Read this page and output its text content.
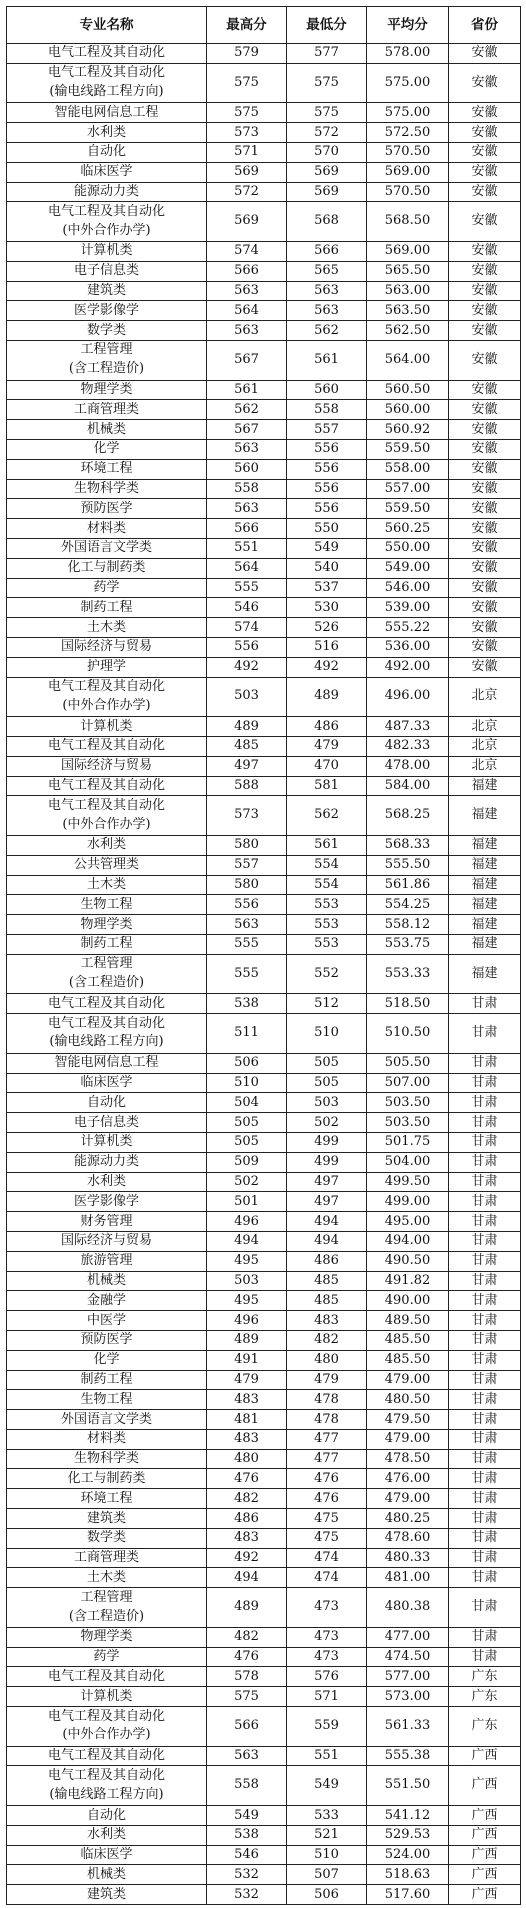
专业名称	最高分	最低分	平均分	省份
电气工程及其自动化	579	577	578.00	安徽
电气工程及其自动化
(输电线路工程方向)	575	575	575.00	安徽
智能电网信息工程	575	575	575.00	安徽
水利类	573	572	572.50	安徽
自动化	571	570	570.50	安徽
临床医学	569	569	569.00	安徽
能源动力类	572	569	570.50	安徽
电气工程及其自动化
(中外合作办学)	569	568	568.50	安徽
计算机类	574	566	569.00	安徽
电子信息类	566	565	565.50	安徽
建筑类	563	563	563.00	安徽
医学影像学	564	563	563.50	安徽
数学类	563	562	562.50	安徽
工程管理
(含工程造价)	567	561	564.00	安徽
物理学类	561	560	560.50	安徽
工商管理类	562	558	560.00	安徽
机械类	567	557	560.92	安徽
化学	563	556	559.50	安徽
环境工程	560	556	558.00	安徽
生物科学类	558	556	557.00	安徽
预防医学	563	556	559.50	安徽
材料类	566	550	560.25	安徽
外国语言文学类	551	549	550.00	安徽
化工与制药类	564	540	549.00	安徽
药学	555	537	546.00	安徽
制药工程	546	530	539.00	安徽
土木类	574	526	555.22	安徽
国际经济与贸易	556	516	536.00	安徽
护理学	492	492	492.00	安徽
电气工程及其自动化
(中外合作办学)	503	489	496.00	北京
计算机类	489	486	487.33	北京
电气工程及其自动化	485	479	482.33	北京
国际经济与贸易	497	470	478.00	北京
电气工程及其自动化	588	581	584.00	福建
电气工程及其自动化
(中外合作办学)	573	562	568.25	福建
水利类	580	561	568.33	福建
公共管理类	557	554	555.50	福建
土木类	580	554	561.86	福建
生物工程	556	553	554.25	福建
物理学类	563	553	558.12	福建
制药工程	555	553	553.75	福建
工程管理
(含工程造价)	555	552	553.33	福建
电气工程及其自动化	538	512	518.50	甘肃
电气工程及其自动化
(输电线路工程方向)	511	510	510.50	甘肃
智能电网信息工程	506	505	505.50	甘肃
临床医学	510	505	507.00	甘肃
自动化	504	503	503.50	甘肃
电子信息类	505	502	503.50	甘肃
计算机类	505	499	501.75	甘肃
能源动力类	509	499	504.00	甘肃
水利类	502	497	499.50	甘肃
医学影像学	501	497	499.00	甘肃
财务管理	496	494	495.00	甘肃
国际经济与贸易	494	494	494.00	甘肃
旅游管理	495	486	490.50	甘肃
机械类	503	485	491.82	甘肃
金融学	495	485	490.00	甘肃
中医学	496	483	489.50	甘肃
预防医学	489	482	485.50	甘肃
化学	491	480	485.50	甘肃
制药工程	479	479	479.00	甘肃
生物工程	483	478	480.50	甘肃
外国语言文学类	481	478	479.50	甘肃
材料类	483	477	479.00	甘肃
生物科学类	480	477	478.50	甘肃
化工与制药类	476	476	476.00	甘肃
环境工程	482	476	479.00	甘肃
建筑类	486	475	480.25	甘肃
数学类	483	475	478.60	甘肃
工商管理类	492	474	480.33	甘肃
土木类	494	474	481.00	甘肃
工程管理
(含工程造价)	489	473	480.38	甘肃
物理学类	482	473	477.00	甘肃
药学	476	473	474.50	甘肃
电气工程及其自动化	578	576	577.00	广东
计算机类	575	571	573.00	广东
电气工程及其自动化
(中外合作办学)	566	559	561.33	广东
电气工程及其自动化	563	551	555.38	广西
电气工程及其自动化
(输电线路工程方向)	558	549	551.50	广西
自动化	549	533	541.12	广西
水利类	538	521	529.53	广西
临床医学	546	510	524.00	广西
机械类	532	507	518.63	广西
建筑类	532	506	517.60	广西
